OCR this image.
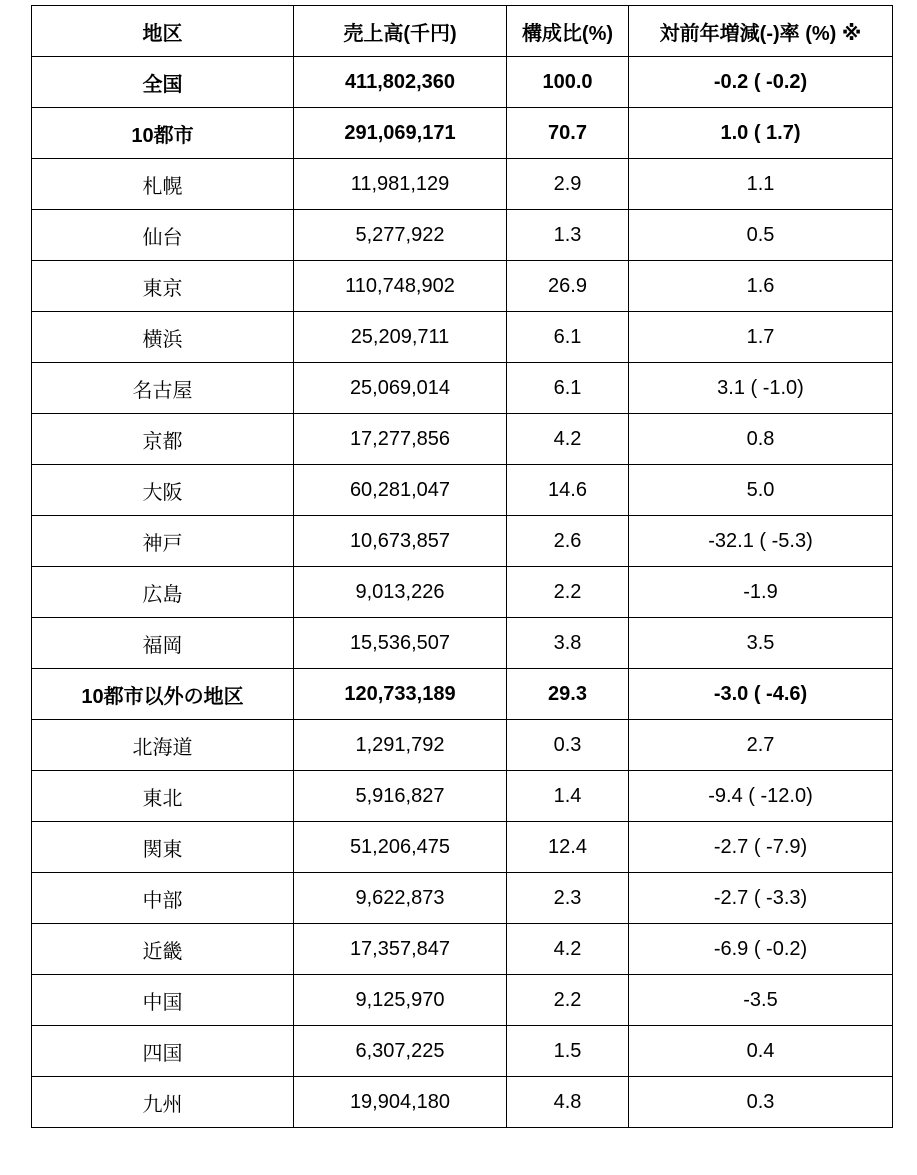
地区	売上高(千円)	構成比(%)	対前年増減(-)率 (%) ※
全国	411,802,360	100.0	-0.2 ( -0.2)
10都市	291,069,171	70.7	1.0 ( 1.7)
札幌	11,981,129	2.9	1.1
仙台	5,277,922	1.3	0.5
東京	110,748,902	26.9	1.6
横浜	25,209,711	6.1	1.7
名古屋	25,069,014	6.1	3.1 ( -1.0)
京都	17,277,856	4.2	0.8
大阪	60,281,047	14.6	5.0
神戸	10,673,857	2.6	-32.1 ( -5.3)
広島	9,013,226	2.2	-1.9
福岡	15,536,507	3.8	3.5
10都市以外の地区	120,733,189	29.3	-3.0 ( -4.6)
北海道	1,291,792	0.3	2.7
東北	5,916,827	1.4	-9.4 ( -12.0)
関東	51,206,475	12.4	-2.7 ( -7.9)
中部	9,622,873	2.3	-2.7 ( -3.3)
近畿	17,357,847	4.2	-6.9 ( -0.2)
中国	9,125,970	2.2	-3.5
四国	6,307,225	1.5	0.4
九州	19,904,180	4.8	0.3
